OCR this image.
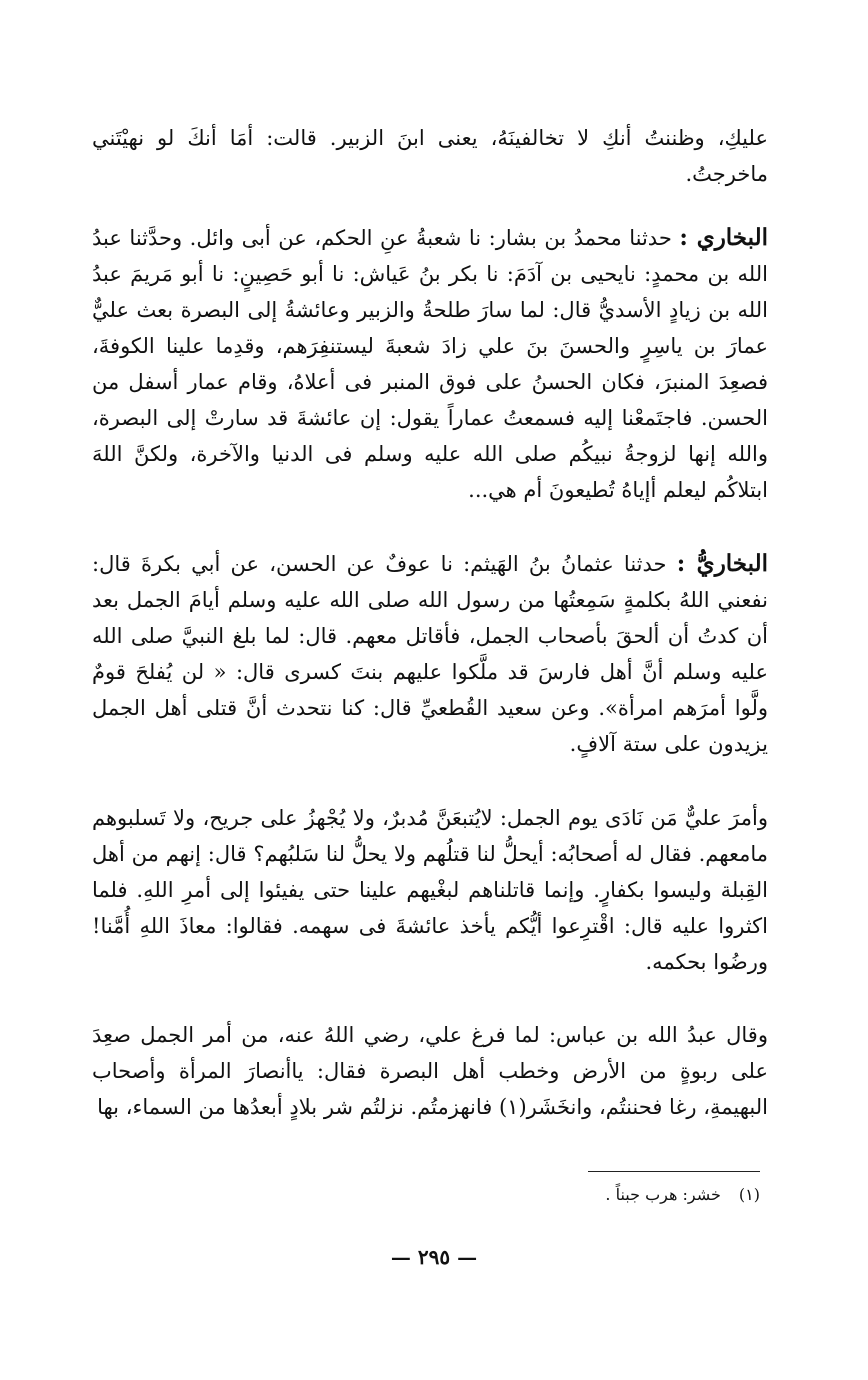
عليكِ، وظننتُ أنكِ لا تخالفينَهُ، يعنى ابنَ الزبير. قالت: أمَا أنكَ لو نهيْتَني ماخرجتُ.

البخاري : حدثنا محمدُ بن بشار: نا شعبةُ عنِ الحكم، عن أبى وائل. وحدَّثنا عبدُ الله بن محمدٍ: نايحيى بن آدَمَ: نا بكر بنُ عَياش: نا أبو حَصِينٍ: نا أبو مَريمَ عبدُ الله بن زيادٍ الأسديُّ قال: لما سارَ طلحةُ والزبير وعائشةُ إلى البصرة بعث عليٌّ عمارَ بن ياسِرٍ والحسنَ بنَ علي زادَ شعبةَ ليستنفِرَهم، وقدِما علينا الكوفةَ، فصعِدَ المنبرَ، فكان الحسنُ على فوق المنبر فى أعلاهُ، وقام عمار أسفل من الحسن. فاجتَمعْنا إليه فسمعتُ عماراً يقول: إن عائشةَ قد سارتْ إلى البصرة، والله إنها لزوجةُ نبيكُم صلى الله عليه وسلم فى الدنيا والآخرة، ولكنَّ اللهَ ابتلاكُم ليعلم أإياهُ تُطيعونَ أم هي...

البخاريُّ : حدثنا عثمانُ بنُ الهَيثم: نا عوفٌ عن الحسن، عن أبي بكرةَ قال: نفعني اللهُ بكلمةٍ سَمِعتُها من رسول الله صلى الله عليه وسلم أيامَ الجمل بعد أن كدتُ أن ألحقَ بأصحاب الجمل، فأقاتل معهم. قال: لما بلغ النبيَّ صلى الله عليه وسلم أنَّ أهل فارسَ قد ملَّكوا عليهم بنتَ كسرى قال: « لن يُفلحَ قومٌ ولَّوا أمرَهم امرأة». وعن سعيد القُطعيِّ قال: كنا نتحدث أنَّ قتلى أهل الجمل يزيدون على ستة آلافٍ.

وأمرَ عليٌّ مَن نَادَى يوم الجمل: لايُتبعَنَّ مُدبرٌ، ولا يُجْهزُ على جريح، ولا تَسلبوهم مامعهم. فقال له أصحابُه: أيحلُّ لنا قتلُهم ولا يحلُّ لنا سَلبُهم؟ قال: إنهم من أهل القِبلة وليسوا بكفارٍ. وإنما قاتلناهم لبغْيهم علينا حتى يفيئوا إلى أمرِ اللهِ. فلما اكثروا عليه قال: اقْترِعوا أيُّكم يأخذ عائشةَ فى سهمه. فقالوا: معاذَ اللهِ أُمَّنا! ورضُوا بحكمه.

وقال عبدُ الله بن عباس: لما فرغ علي، رضي اللهُ عنه، من أمر الجمل صعِدَ على ربوةٍ من الأرض وخطب أهل البصرة فقال: ياأنصارَ المرأة وأصحاب البهيمةِ، رغا فحننتُم، وانخَشَر(١) فانهزمتُم. نزلتُم شر بلادٍ أبعدُها من السماء، بها

(١)خشر: هرب جبناً .

— ٢٩٥ —
